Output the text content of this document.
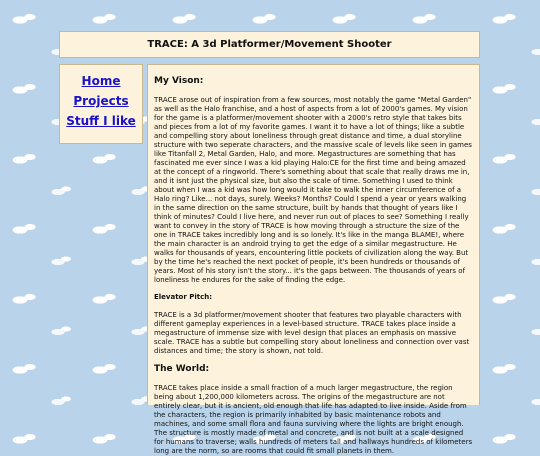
TRACE: A 3d Platformer/Movement Shooter
Home
Projects
Stuff I like
My Vison:

TRACE arose out of inspiration from a few sources, most notably the game "Metal Garden" as well as the Halo franchise, and a host of aspects from a lot of 2000's games. My vision for the game is a platformer/movement shooter with a 2000's retro style that takes bits and pieces from a lot of my favorite games. I want it to have a lot of things; like a subtle and compelling story about loneliness through great distance and time, a dual storyline structure with two seperate characters, and the massive scale of levels like seen in games like Titanfall 2, Metal Garden, Halo, and more. Megastructures are something that has fascinated me ever since I was a kid playing Halo:CE for the first time and being amazed at the concept of a ringworld. There's something about that scale that really draws me in, and it isnt just the physical size, but also the scale of time. Something I used to think about when I was a kid was how long would it take to walk the inner circumference of a Halo ring? Like... not days, surely. Weeks? Months? Could I spend a year or years walking in the same direction on the same structure, built by hands that thought of years like I think of minutes? Could I live here, and never run out of places to see? Something I really want to convey in the story of TRACE is how moving through a structure the size of the one in TRACE takes incredibly long and is so lonely. It's like in the manga BLAME!, where the main character is an android trying to get the edge of a similar megastructure. He walks for thousands of years, encountering little pockets of civilization along the way. But by the time he's reached the next pocket of people, it's been hundreds or thousands of years. Most of his story isn't the story... it's the gaps between. The thousands of years of loneliness he endures for the sake of finding the edge.

Elevator Pitch:

TRACE is a 3d platformer/movement shooter that features two playable characters with different gameplay experiences in a level-based structure. TRACE takes place inside a megastructure of immense size with level design that places an emphasis on massive scale. TRACE has a subtle but compelling story about loneliness and connection over vast distances and time; the story is shown, not told.

The World:

TRACE takes place inside a small fraction of a much larger megastructure, the region being about 1,200,000 kilometers across. The origins of the megastructure are not entirely clear, but it is ancient, old enough that life has adapted to live inside. Aside from the characters, the region is primarily inhabited by basic maintenance robots and machines, and some small flora and fauna surviving where the lights are bright enough. The structure is mostly made of metal and concrete, and is not built at a scale designed for humans to traverse; walls hundreds of meters tall and hallways hundreds of kilometers long are the norm, so are rooms that could fit small planets in them.
